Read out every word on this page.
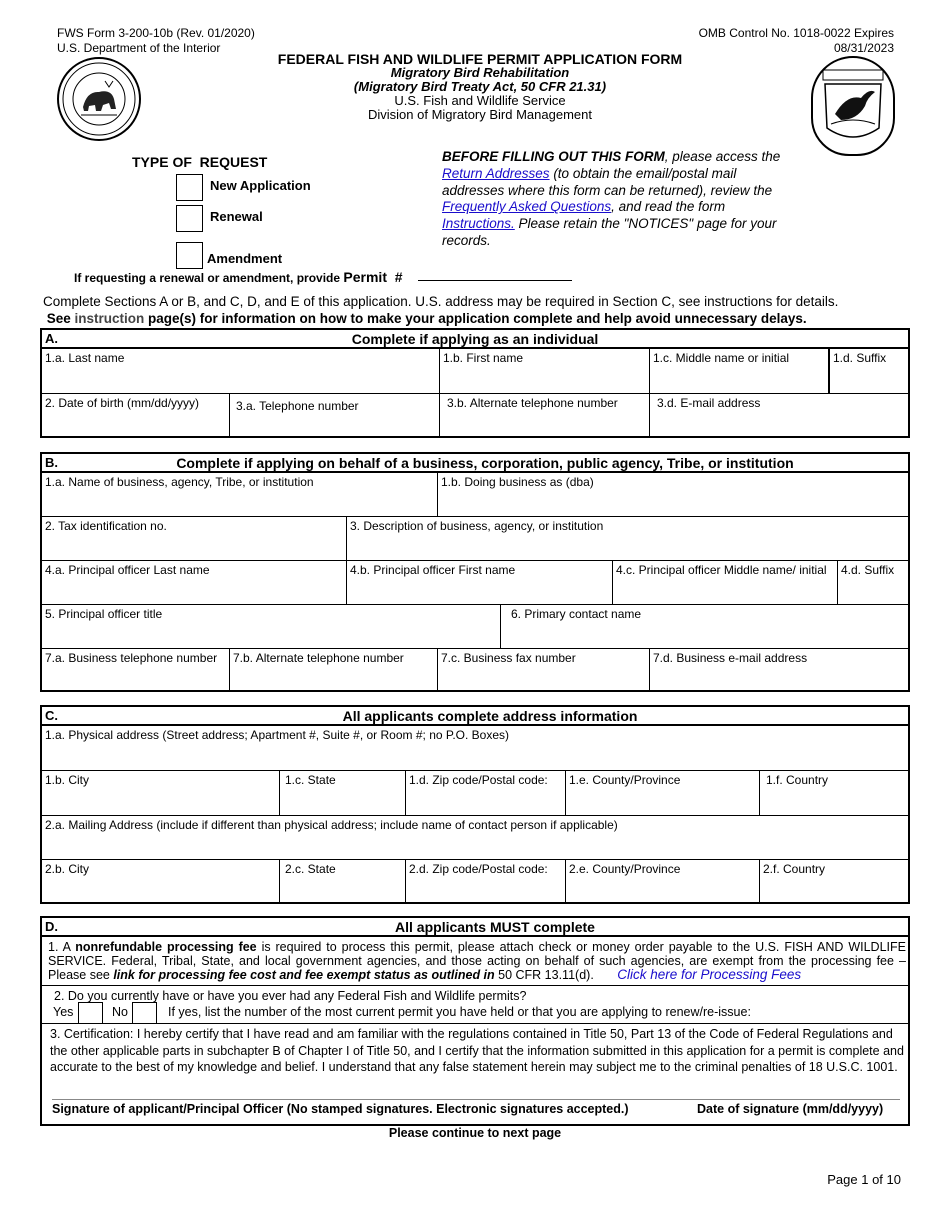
FWS Form 3-200-10b (Rev. 01/2020)
U.S. Department of the Interior
OMB Control No. 1018-0022 Expires
08/31/2023
FEDERAL FISH AND WILDLIFE PERMIT APPLICATION FORM
Migratory Bird Rehabilitation
(Migratory Bird Treaty Act, 50 CFR 21.31)
U.S. Fish and Wildlife Service
Division of Migratory Bird Management
TYPE OF  REQUEST
New Application
Renewal
Amendment
If requesting a renewal or amendment, provide Permit  #
BEFORE FILLING OUT THIS FORM, please access the Return Addresses (to obtain the email/postal mail addresses where this form can be returned), review the Frequently Asked Questions, and read the form Instructions. Please retain the "NOTICES" page for your records.
Complete Sections A or B, and C, D, and E of this application. U.S. address may be required in Section C, see instructions for details. See instruction page(s) for information on how to make your application complete and help avoid unnecessary delays.
A.	Complete if applying as an individual
1.a. Last name	1.b. First name	1.c. Middle name or initial	1.d. Suffix
2. Date of birth (mm/dd/yyyy)	3.a. Telephone number	3.b. Alternate telephone number	3.d. E-mail address
B.	Complete if applying on behalf of a business, corporation, public agency, Tribe, or institution
1.a. Name of business, agency, Tribe, or institution	1.b. Doing business as (dba)
2. Tax identification no.	3. Description of business, agency, or institution
4.a. Principal officer Last name	4.b. Principal officer First name	4.c. Principal officer Middle name/ initial	4.d. Suffix
5. Principal officer title	6. Primary contact name
7.a. Business telephone number	7.b. Alternate telephone number	7.c. Business fax number	7.d. Business e-mail address
C.	All applicants complete address information
1.a. Physical address (Street address; Apartment #, Suite #, or Room #; no P.O. Boxes)
1.b. City	1.c. State	1.d. Zip code/Postal code:	1.e. County/Province	1.f. Country
2.a. Mailing Address (include if different than physical address; include name of contact person if applicable)
2.b. City	2.c. State	2.d. Zip code/Postal code:	2.e. County/Province	2.f. Country
D.	All applicants MUST complete
1. A nonrefundable processing fee is required to process this permit, please attach check or money order payable to the U.S. FISH AND WILDLIFE SERVICE. Federal, Tribal, State, and local government agencies, and those acting on behalf of such agencies, are exempt from the processing fee – Please see link for processing fee cost and fee exempt status as outlined in 50 CFR 13.11(d). Click here for Processing Fees
2. Do you currently have or have you ever had any Federal Fish and Wildlife permits?
Yes	No	If yes, list the number of the most current permit you have held or that you are applying to renew/re-issue:
3. Certification: I hereby certify that I have read and am familiar with the regulations contained in Title 50, Part 13 of the Code of Federal Regulations and the other applicable parts in subchapter B of Chapter I of Title 50, and I certify that the information submitted in this application for a permit is complete and accurate to the best of my knowledge and belief. I understand that any false statement herein may subject me to the criminal penalties of 18 U.S.C. 1001.
Signature of applicant/Principal Officer (No stamped signatures. Electronic signatures accepted.)	Date of signature (mm/dd/yyyy)
Please continue to next page
Page 1 of 10
